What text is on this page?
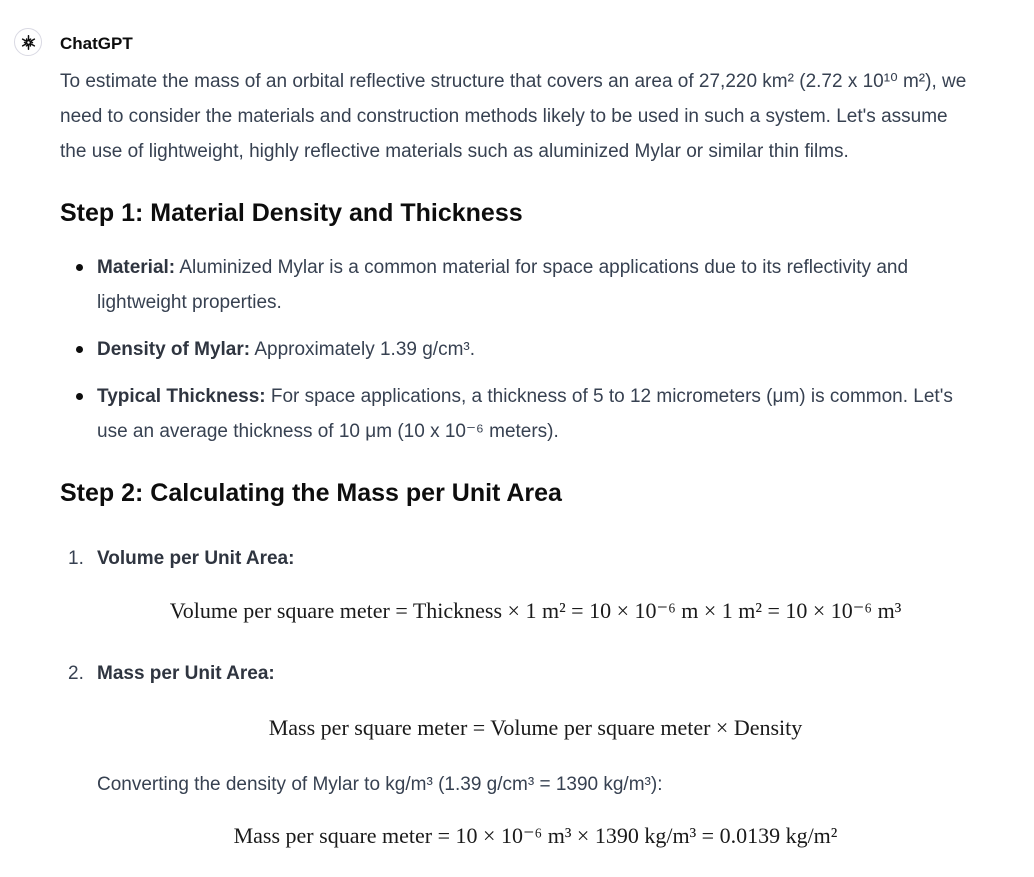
ChatGPT

To estimate the mass of an orbital reflective structure that covers an area of 27,220 km² (2.72 x 10¹⁰ m²), we need to consider the materials and construction methods likely to be used in such a system. Let's assume the use of lightweight, highly reflective materials such as aluminized Mylar or similar thin films.

Step 1: Material Density and Thickness
Material: Aluminized Mylar is a common material for space applications due to its reflectivity and lightweight properties.
Density of Mylar: Approximately 1.39 g/cm³.
Typical Thickness: For space applications, a thickness of 5 to 12 micrometers (μm) is common. Let's use an average thickness of 10 μm (10 x 10⁻⁶ meters).
Step 2: Calculating the Mass per Unit Area
1. Volume per Unit Area:
Volume per square meter = Thickness × 1 m² = 10 × 10⁻⁶ m × 1 m² = 10 × 10⁻⁶ m³
2. Mass per Unit Area:
Mass per square meter = Volume per square meter × Density

Converting the density of Mylar to kg/m³ (1.39 g/cm³ = 1390 kg/m³):

Mass per square meter = 10 × 10⁻⁶ m³ × 1390 kg/m³ = 0.0139 kg/m²
